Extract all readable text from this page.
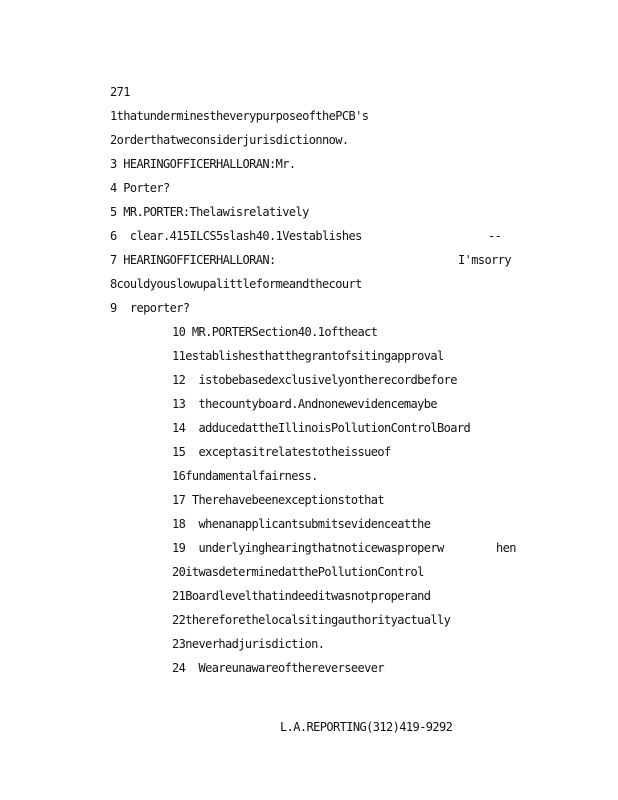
271
1thatunderminestheverypurposeofthePCB's
2orderthatweconsiderjurisdictionnow.
3 HEARINGOFFICERHALLORAN:Mr.
4 Porter?
5 MR.PORTER:Thelawisrelatively
6 clear.415ILCS5slash40.1Vestablishes	--
7 HEARINGOFFICERHALLORAN:	I'msorry
8couldyouslowupalittleformeandthecourt
9 reporter?
10 MR.PORTERSection40.1oftheact
11establishesthatthegrantofsitingapproval
12 istobebasedexclusivelyontherecordbefore
13 thecountyboard.Andnonewevidencemaybe
14 adducedattheIllinoisPollutionControlBoard
15 exceptasitrelatestotheissueof
16fundamentalfairness.
17 Therehavebeenexceptionstothat
18 whenanapplicantsubmitsevidenceatthe
19 underlyinghearingthatnoticewasproperw	hen
20itwasdeterminedatthePollutionControl
21Boardlevelthatindeeditwasnotproperand
22thereforethelocalsitingauthorityactually
23neverhadjurisdiction.
24 Weareunawareofthereverseever
L.A.REPORTING(312)419-9292
